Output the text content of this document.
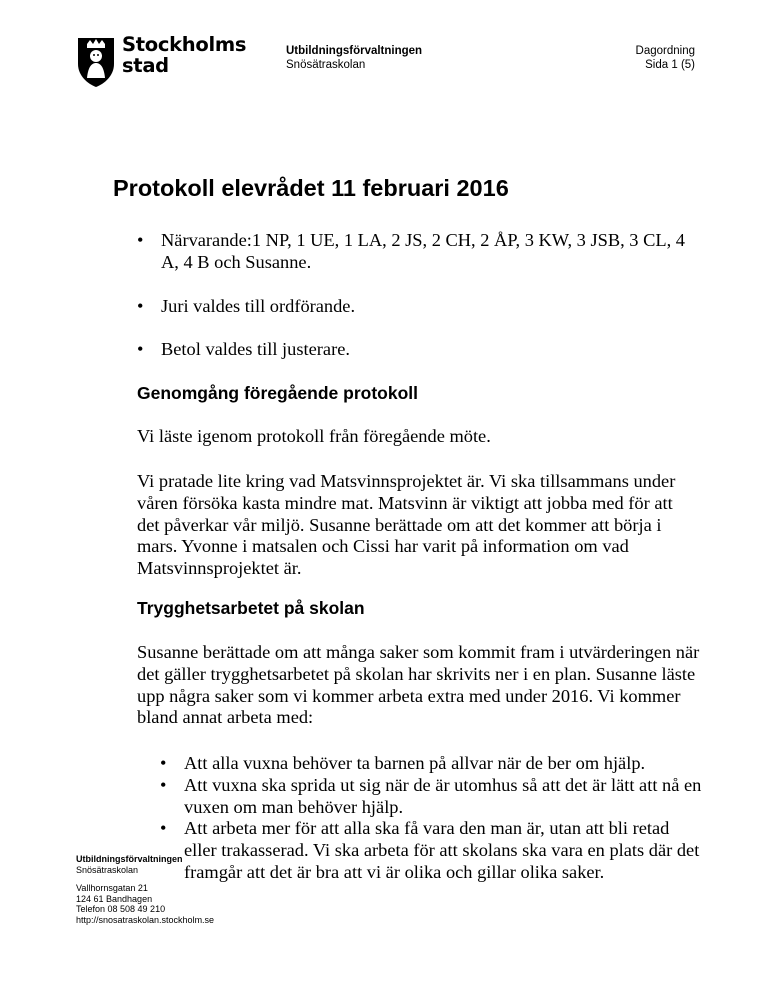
Stockholms
stad
Utbildningsförvaltningen
Snösätraskolan
Dagordning
Sida 1 (5)
Protokoll elevrådet 11 februari 2016
• Närvarande:1 NP, 1 UE, 1 LA, 2 JS, 2 CH, 2 ÅP, 3 KW, 3 JSB, 3 CL, 4 A, 4 B och Susanne.
• Juri valdes till ordförande.
• Betol valdes till justerare.
Genomgång föregående protokoll

Vi läste igenom protokoll från föregående möte.

Vi pratade lite kring vad Matsvinnsprojektet är. Vi ska tillsammans under våren försöka kasta mindre mat. Matsvinn är viktigt att jobba med för att det påverkar vår miljö. Susanne berättade om att det kommer att börja i mars. Yvonne i matsalen och Cissi har varit på information om vad Matsvinnsprojektet är.

Trygghetsarbetet på skolan

Susanne berättade om att många saker som kommit fram i utvärderingen när det gäller trygghetsarbetet på skolan har skrivits ner i en plan. Susanne läste upp några saker som vi kommer arbeta extra med under 2016. Vi kommer bland annat arbeta med:

• Att alla vuxna behöver ta barnen på allvar när de ber om hjälp.
• Att vuxna ska sprida ut sig när de är utomhus så att det är lätt att nå en vuxen om man behöver hjälp.
• Att arbeta mer för att alla ska få vara den man är, utan att bli retad eller trakasserad. Vi ska arbeta för att skolans ska vara en plats där det framgår att det är bra att vi är olika och gillar olika saker.
Utbildningsförvaltningen
Snösätraskolan
Vallhornsgatan 21
124 61 Bandhagen
Telefon 08 508 49 210
http://snosatraskolan.stockholm.se
